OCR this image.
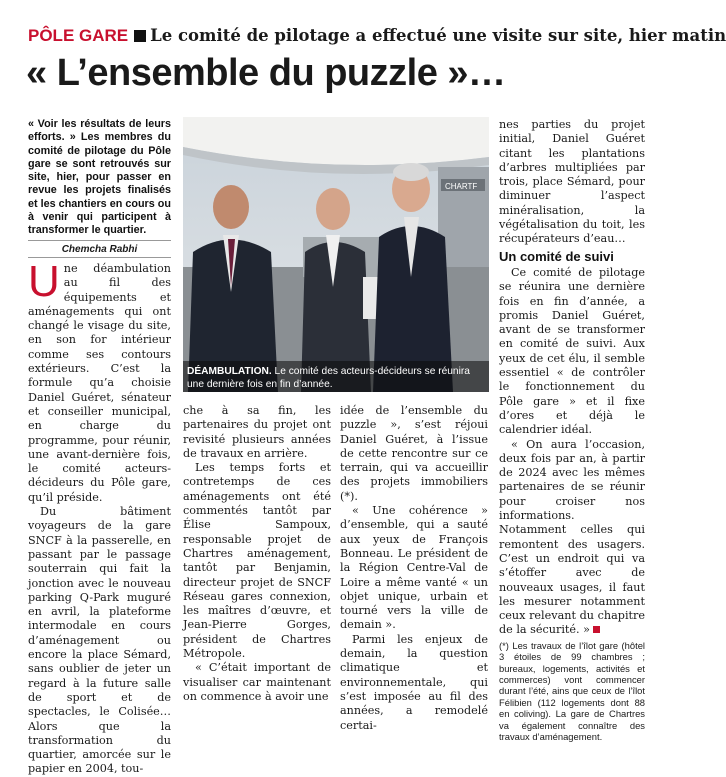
PÔLE GARE Le comité de pilotage a effectué une visite sur site, hier matin
« L’ensemble du puzzle »…
« Voir les résultats de leurs efforts. » Les membres du comité de pilotage du Pôle gare se sont retrouvés sur site, hier, pour passer en revue les projets finalisés et les chantiers en cours ou à venir qui participent à transformer le quartier.
Chemcha Rabhi

Une déambulation au fil des équipements et aménagements qui ont changé le visage du site, en son for intérieur comme ses contours extérieurs. C’est la formule qu’a choisie Daniel Guéret, sénateur et conseiller municipal, en charge du programme, pour réunir, une avant-dernière fois, le comité acteurs-décideurs du Pôle gare, qu’il préside.

Du bâtiment voyageurs de la gare SNCF à la passerelle, en passant par le passage souterrain qui fait la jonction avec le nouveau parking Q-Park muguré en avril, la plateforme intermodale en cours d’aménagement ou encore la place Sémard, sans oublier de jeter un regard à la future salle de sport et de spectacles, le Colisée… Alors que la transformation du quartier, amorcée sur le papier en 2004, tou-

CHARTF
DÉAMBULATION. Le comité des acteurs-décideurs se réunira une dernière fois en fin d’année.

che à sa fin, les partenaires du projet ont revisité plusieurs années de travaux en arrière.

Les temps forts et contretemps de ces aménagements ont été commentés tantôt par Élise Sampoux, responsable projet de Chartres aménagement, tantôt par Benjamin, directeur projet de SNCF Réseau gares connexion, les maîtres d’œuvre, et Jean-Pierre Gorges, président de Chartres Métropole.

« C’était important de visualiser car maintenant on commence à avoir une

idée de l’ensemble du puzzle », s’est réjoui Daniel Guéret, à l’issue de cette rencontre sur ce terrain, qui va accueillir des projets immobiliers (*).

« Une cohérence » d’ensemble, qui a sauté aux yeux de François Bonneau. Le président de la Région Centre-Val de Loire a même vanté « un objet unique, urbain et tourné vers la ville de demain ».

Parmi les enjeux de demain, la question climatique et environnementale, qui s’est imposée au fil des années, a remodelé certai-

nes parties du projet initial, Daniel Guéret citant les plantations d’arbres multipliées par trois, place Sémard, pour diminuer l’aspect minéralisation, la végétalisation du toit, les récupérateurs d’eau…

Un comité de suivi

Ce comité de pilotage se réunira une dernière fois en fin d’année, a promis Daniel Guéret, avant de se transformer en comité de suivi. Aux yeux de cet élu, il semble essentiel « de contrôler le fonctionnement du Pôle gare » et il fixe d’ores et déjà le calendrier idéal.

« On aura l’occasion, deux fois par an, à partir de 2024 avec les mêmes partenaires de se réunir pour croiser nos informations. Notamment celles qui remontent des usagers. C’est un endroit qui va s’étoffer avec de nouveaux usages, il faut les mesurer notamment ceux relevant du chapitre de la sécurité. »

(*) Les travaux de l’îlot gare (hôtel 3 étoiles de 99 chambres ; bureaux, logements, activités et commerces) vont commencer durant l’été, ains que ceux de l’îlot Félibien (112 logements dont 88 en coliving). La gare de Chartres va également connaître des travaux d’aménagement.
